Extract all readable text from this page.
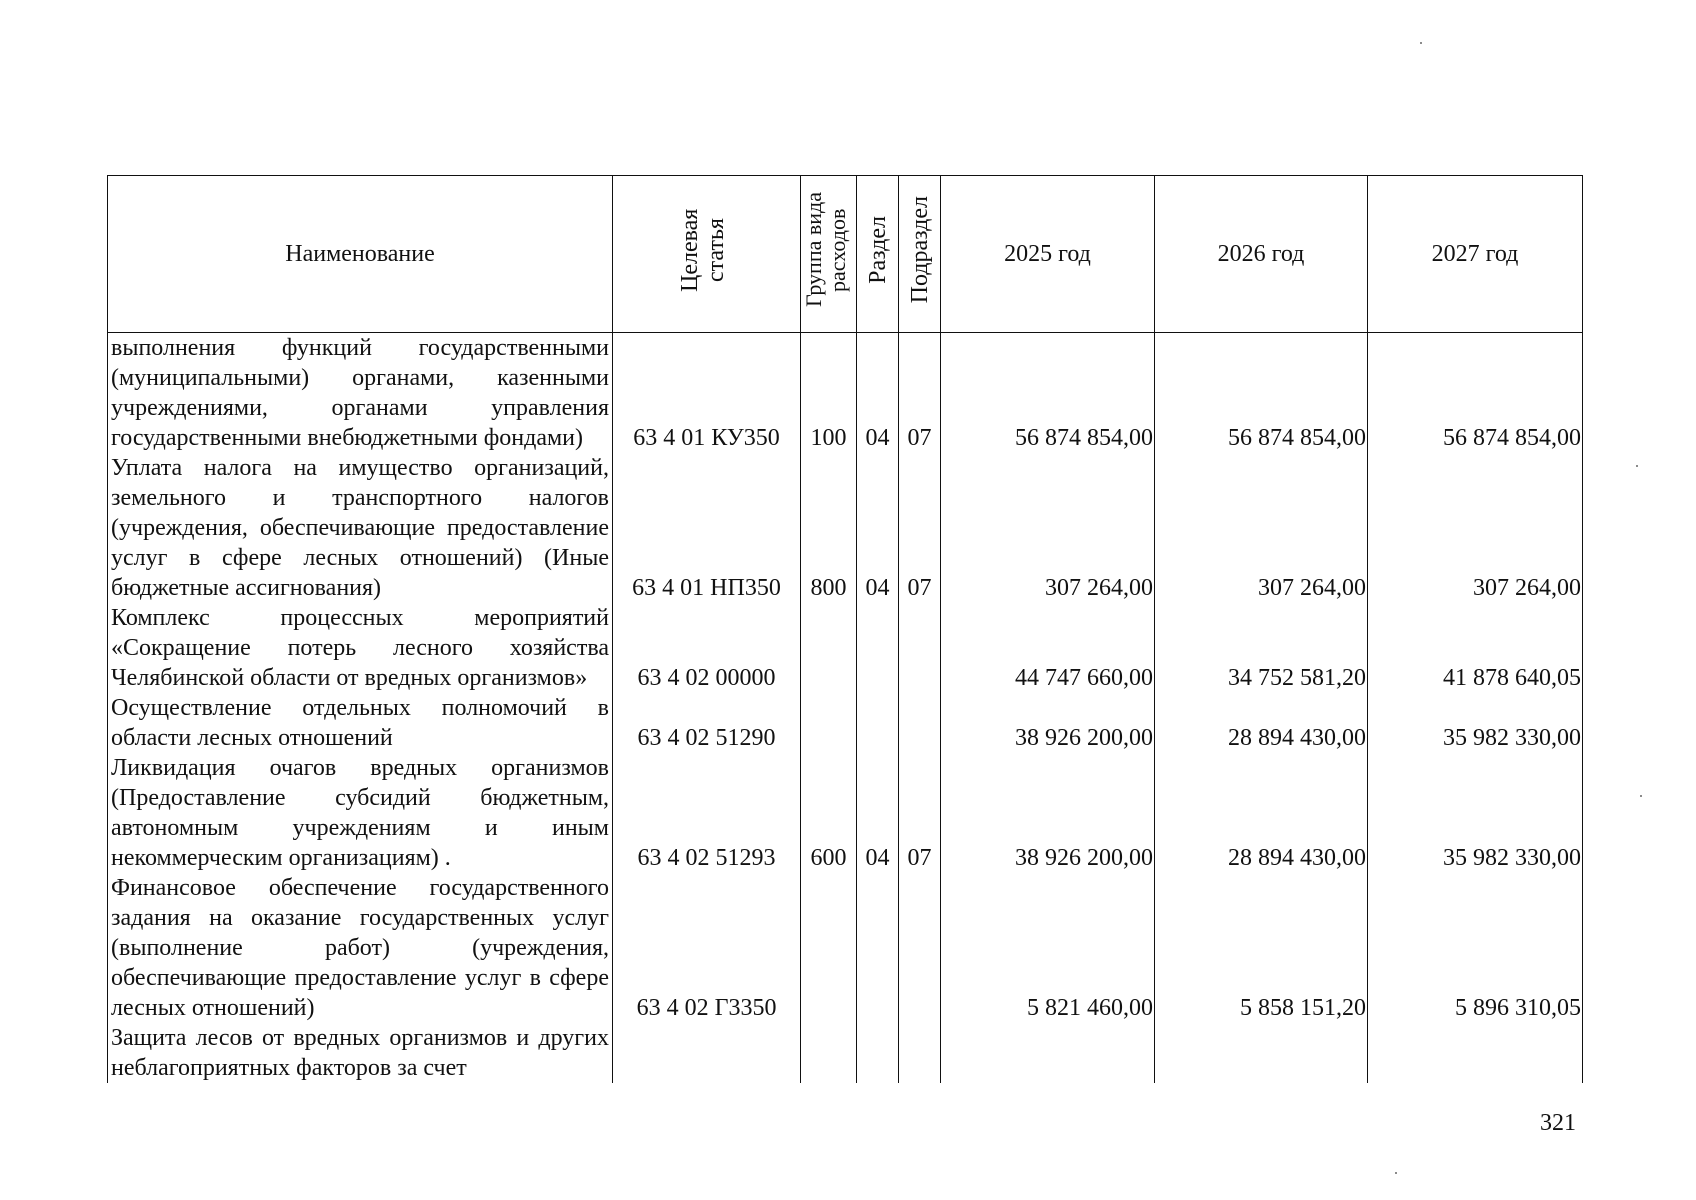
Наименование	Целевая статья	Группа вида расходов	Раздел	Подраздел	2025 год	2026 год	2027 год

выполнения функций государственными (муниципальными) органами, казенными учреждениями, органами управления государственными внебюджетными фондами)	63 4 01 КУ350	100	04	07	56 874 854,00	56 874 854,00	56 874 854,00

Уплата налога на имущество организаций, земельного и транспортного налогов (учреждения, обеспечивающие предоставление услуг в сфере лесных отношений) (Иные бюджетные ассигнования)	63 4 01 НП350	800	04	07	307 264,00	307 264,00	307 264,00

Комплекс процессных мероприятий «Сокращение потерь лесного хозяйства Челябинской области от вредных организмов»	63 4 02 00000				44 747 660,00	34 752 581,20	41 878 640,05

Осуществление отдельных полномочий в области лесных отношений	63 4 02 51290				38 926 200,00	28 894 430,00	35 982 330,00

Ликвидация очагов вредных организмов (Предоставление субсидий бюджетным, автономным учреждениям и иным некоммерческим организациям) .	63 4 02 51293	600	04	07	38 926 200,00	28 894 430,00	35 982 330,00

Финансовое обеспечение государственного задания на оказание государственных услуг (выполнение работ) (учреждения, обеспечивающие предоставление услуг в сфере лесных отношений)	63 4 02 Г3350				5 821 460,00	5 858 151,20	5 896 310,05

Защита лесов от вредных организмов и других неблагоприятных факторов за счет							

321
